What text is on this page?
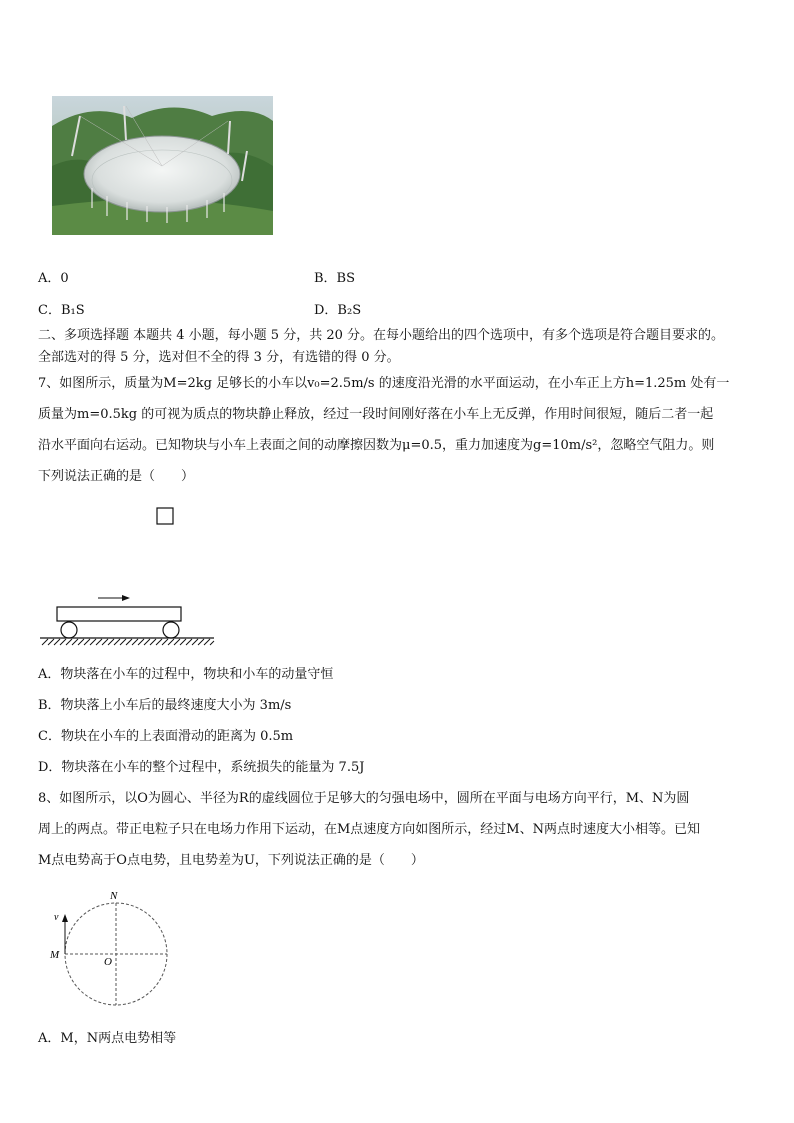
A．0	B．BS
C．B₁S	D．B₂S
二、多项选择题 本题共 4 小题，每小题 5 分，共 20 分。在每小题给出的四个选项中，有多个选项是符合题目要求的。
全部选对的得 5 分，选对但不全的得 3 分，有选错的得 0 分。
7、如图所示，质量为M=2kg 足够长的小车以v₀=2.5m/s 的速度沿光滑的水平面运动，在小车正上方h=1.25m 处有一
质量为m=0.5kg 的可视为质点的物块静止释放，经过一段时间刚好落在小车上无反弹，作用时间很短，随后二者一起
沿水平面向右运动。已知物块与小车上表面之间的动摩擦因数为μ=0.5，重力加速度为g=10m/s²，忽略空气阻力。则
下列说法正确的是（　　）
A．物块落在小车的过程中，物块和小车的动量守恒
B．物块落上小车后的最终速度大小为 3m/s
C．物块在小车的上表面滑动的距离为 0.5m
D．物块落在小车的整个过程中，系统损失的能量为 7.5J
8、如图所示，以O为圆心、半径为R的虚线圆位于足够大的匀强电场中，圆所在平面与电场方向平行，M、N为圆
周上的两点。带正电粒子只在电场力作用下运动，在M点速度方向如图所示，经过M、N两点时速度大小相等。已知
M点电势高于O点电势，且电势差为U，下列说法正确的是（　　）
N
v
M
O
A．M，N两点电势相等
